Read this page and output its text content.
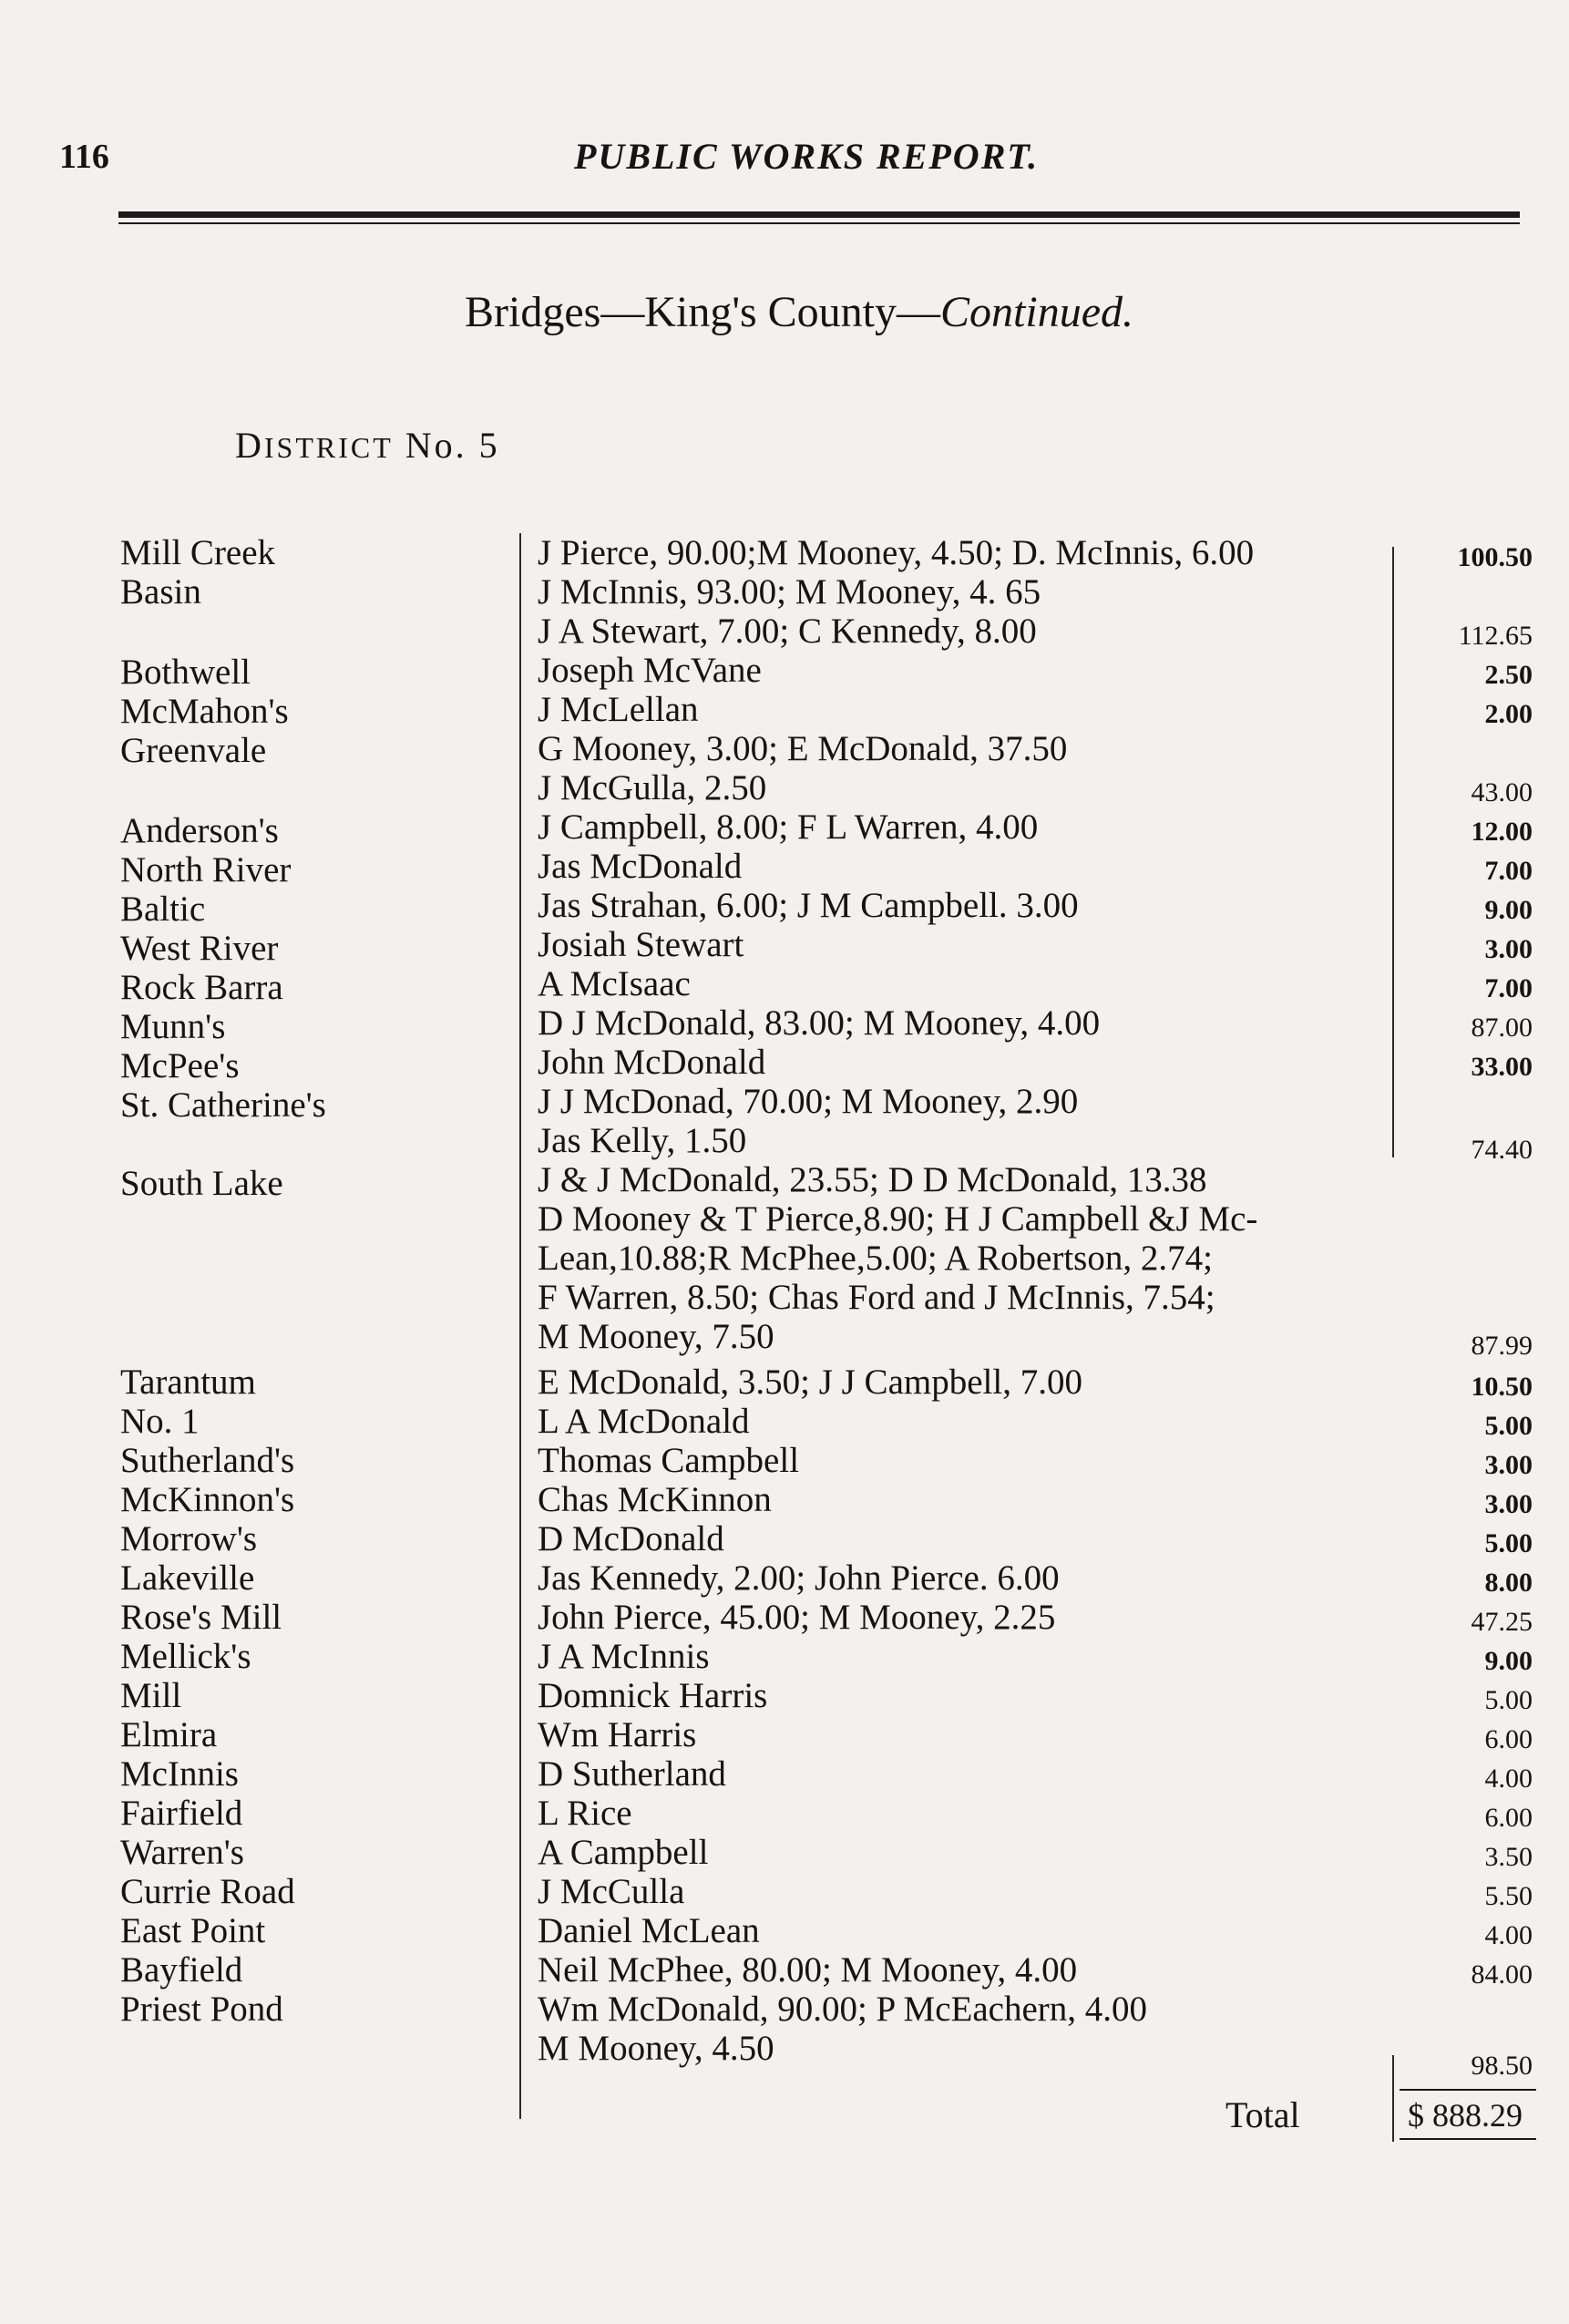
116	PUBLIC WORKS REPORT.
Bridges—King's County—Continued.
DISTRICT No. 5
Mill Creek
Basin
Bothwell
McMahon's
Greenvale
Anderson's
North River
Baltic
West River
Rock Barra
Munn's
McPee's
St. Catherine's
South Lake
Tarantum
No. 1
Sutherland's
McKinnon's
Morrow's
Lakeville
Rose's Mill
Mellick's
Mill
Elmira
McInnis
Fairfield
Warren's
Currie Road
East Point
Bayfield
Priest Pond
J Pierce, 90.00;M Mooney, 4.50; D. McInnis, 6.00
J McInnis, 93.00; M Mooney, 4. 65
J A Stewart, 7.00; C Kennedy, 8.00
Joseph McVane
J McLellan
G Mooney, 3.00; E McDonald, 37.50
J McGulla, 2.50
J Campbell, 8.00; F L Warren, 4.00
Jas McDonald
Jas Strahan, 6.00; J M Campbell. 3.00
Josiah Stewart
A McIsaac
D J McDonald, 83.00; M Mooney, 4.00
John McDonald
J J McDonad, 70.00; M Mooney, 2.90
Jas Kelly, 1.50
J & J McDonald, 23.55; D D McDonald, 13.38
D Mooney & T Pierce,8.90; H J Campbell &J Mc-
Lean,10.88;R McPhee,5.00; A Robertson, 2.74;
F Warren, 8.50; Chas Ford and J McInnis, 7.54;
M Mooney, 7.50
E McDonald, 3.50; J J Campbell, 7.00
L A McDonald
Thomas Campbell
Chas McKinnon
D McDonald
Jas Kennedy, 2.00; John Pierce. 6.00
John Pierce, 45.00; M Mooney, 2.25
J A McInnis
Domnick Harris
Wm Harris
D Sutherland
L Rice
A Campbell
J McCulla
Daniel McLean
Neil McPhee, 80.00; M Mooney, 4.00
Wm McDonald, 90.00; P McEachern, 4.00
M Mooney, 4.50
100.50
112.65
2.50
2.00
43.00
12.00
7.00
9.00
3.00
7.00
87.00
33.00
74.40
87.99
10.50
5.00
3.00
3.00
5.00
8.00
47.25
9.00
5.00
6.00
4.00
6.00
3.50
5.50
4.00
84.00
98.50
Total	$ 888.29
